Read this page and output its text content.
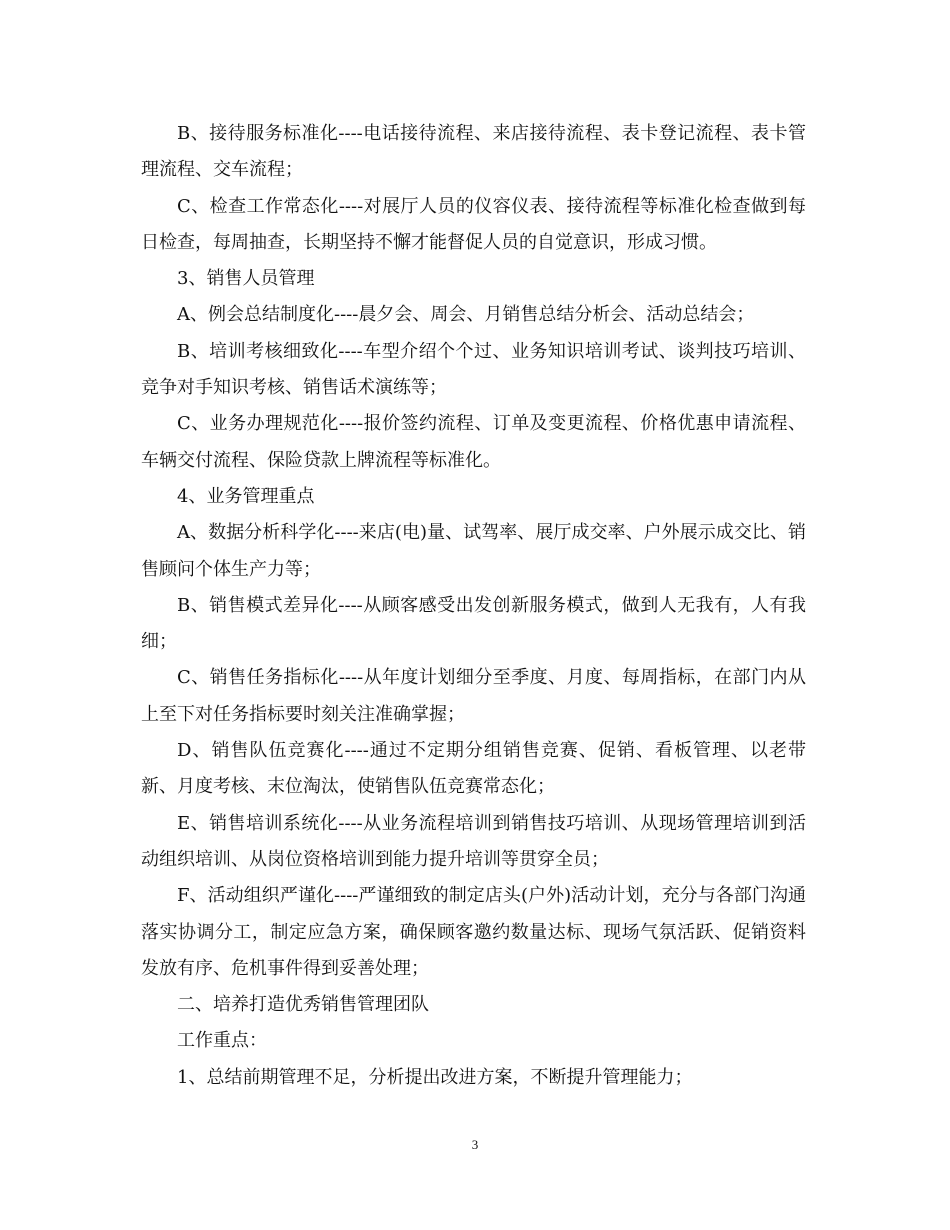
B、接待服务标准化----电话接待流程、来店接待流程、表卡登记流程、表卡管理流程、交车流程；

C、检查工作常态化----对展厅人员的仪容仪表、接待流程等标准化检查做到每日检查，每周抽查，长期坚持不懈才能督促人员的自觉意识，形成习惯。

3、销售人员管理

A、例会总结制度化----晨夕会、周会、月销售总结分析会、活动总结会；

B、培训考核细致化----车型介绍个个过、业务知识培训考试、谈判技巧培训、竞争对手知识考核、销售话术演练等；

C、业务办理规范化----报价签约流程、订单及变更流程、价格优惠申请流程、车辆交付流程、保险贷款上牌流程等标准化。

4、业务管理重点

A、数据分析科学化----来店(电)量、试驾率、展厅成交率、户外展示成交比、销售顾问个体生产力等；

B、销售模式差异化----从顾客感受出发创新服务模式，做到人无我有，人有我细；

C、销售任务指标化----从年度计划细分至季度、月度、每周指标，在部门内从上至下对任务指标要时刻关注准确掌握；

D、销售队伍竞赛化----通过不定期分组销售竞赛、促销、看板管理、以老带新、月度考核、末位淘汰，使销售队伍竞赛常态化；

E、销售培训系统化----从业务流程培训到销售技巧培训、从现场管理培训到活动组织培训、从岗位资格培训到能力提升培训等贯穿全员；

F、活动组织严谨化----严谨细致的制定店头(户外)活动计划，充分与各部门沟通落实协调分工，制定应急方案，确保顾客邀约数量达标、现场气氛活跃、促销资料发放有序、危机事件得到妥善处理；

二、培养打造优秀销售管理团队

工作重点：

1、总结前期管理不足，分析提出改进方案，不断提升管理能力；

3
